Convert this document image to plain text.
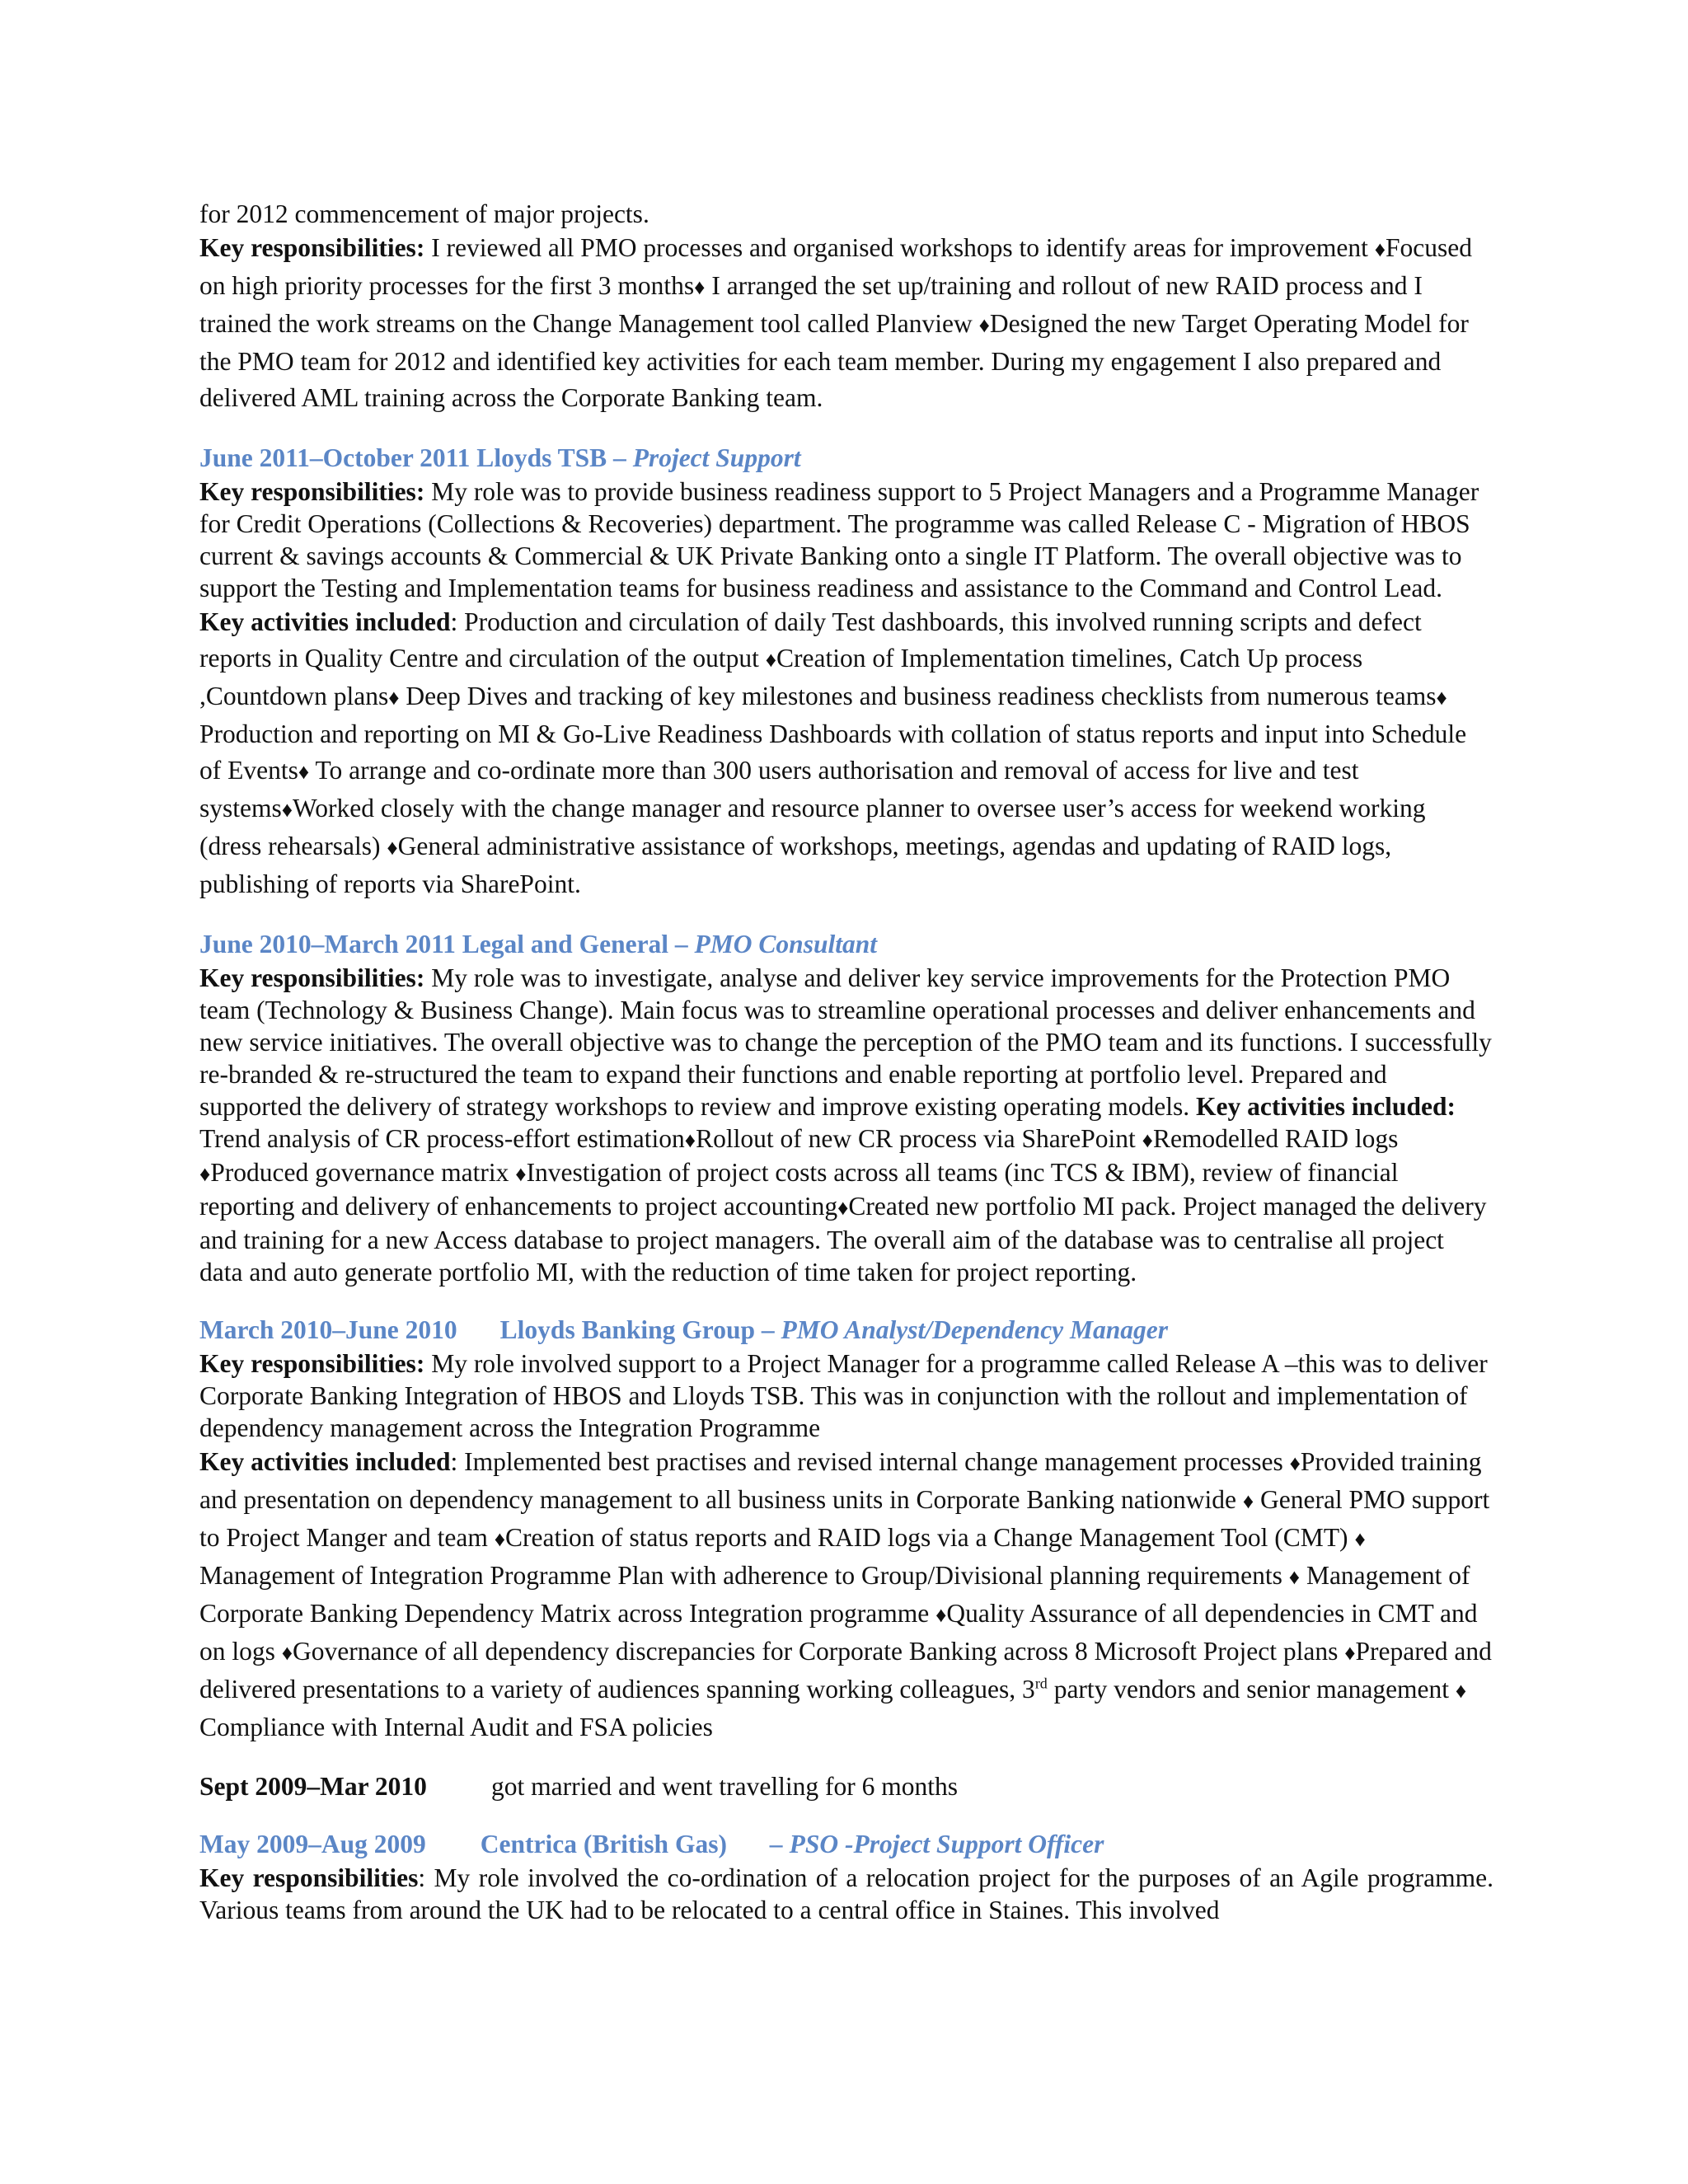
for 2012 commencement of major projects.

Key responsibilities: I reviewed all PMO processes and organised workshops to identify areas for improvement ♦Focused on high priority processes for the first 3 months♦ I arranged the set up/training and rollout of new RAID process and I trained the work streams on the Change Management tool called Planview ♦Designed the new Target Operating Model for the PMO team for 2012 and identified key activities for each team member. During my engagement I also prepared and delivered AML training across the Corporate Banking team.

June 2011–October 2011 Lloyds TSB – Project Support

Key responsibilities: My role was to provide business readiness support to 5 Project Managers and a Programme Manager for Credit Operations (Collections & Recoveries) department. The programme was called Release C - Migration of HBOS current & savings accounts & Commercial & UK Private Banking onto a single IT Platform. The overall objective was to support the Testing and Implementation teams for business readiness and assistance to the Command and Control Lead.

Key activities included: Production and circulation of daily Test dashboards, this involved running scripts and defect reports in Quality Centre and circulation of the output ♦Creation of Implementation timelines, Catch Up process ,Countdown plans♦ Deep Dives and tracking of key milestones and business readiness checklists from numerous teams♦ Production and reporting on MI & Go-Live Readiness Dashboards with collation of status reports and input into Schedule of Events♦ To arrange and co-ordinate more than 300 users authorisation and removal of access for live and test systems♦Worked closely with the change manager and resource planner to oversee user’s access for weekend working (dress rehearsals) ♦General administrative assistance of workshops, meetings, agendas and updating of RAID logs, publishing of reports via SharePoint.

June 2010–March 2011 Legal and General – PMO Consultant

Key responsibilities: My role was to investigate, analyse and deliver key service improvements for the Protection PMO team (Technology & Business Change). Main focus was to streamline operational processes and deliver enhancements and new service initiatives. The overall objective was to change the perception of the PMO team and its functions. I successfully re-branded & re-structured the team to expand their functions and enable reporting at portfolio level. Prepared and supported the delivery of strategy workshops to review and improve existing operating models. Key activities included: Trend analysis of CR process-effort estimation♦Rollout of new CR process via SharePoint ♦Remodelled RAID logs ♦Produced governance matrix ♦Investigation of project costs across all teams (inc TCS & IBM), review of financial reporting and delivery of enhancements to project accounting♦Created new portfolio MI pack. Project managed the delivery and training for a new Access database to project managers. The overall aim of the database was to centralise all project data and auto generate portfolio MI, with the reduction of time taken for project reporting.

March 2010–June 2010 Lloyds Banking Group – PMO Analyst/Dependency Manager

Key responsibilities: My role involved support to a Project Manager for a programme called Release A –this was to deliver Corporate Banking Integration of HBOS and Lloyds TSB. This was in conjunction with the rollout and implementation of dependency management across the Integration Programme

Key activities included: Implemented best practises and revised internal change management processes ♦Provided training and presentation on dependency management to all business units in Corporate Banking nationwide ♦ General PMO support to Project Manger and team ♦Creation of status reports and RAID logs via a Change Management Tool (CMT) ♦ Management of Integration Programme Plan with adherence to Group/Divisional planning requirements ♦ Management of Corporate Banking Dependency Matrix across Integration programme ♦Quality Assurance of all dependencies in CMT and on logs ♦Governance of all dependency discrepancies for Corporate Banking across 8 Microsoft Project plans ♦Prepared and delivered presentations to a variety of audiences spanning working colleagues, 3rd party vendors and senior management ♦ Compliance with Internal Audit and FSA policies

Sept 2009–Mar 2010 got married and went travelling for 6 months

May 2009–Aug 2009 Centrica (British Gas) – PSO -Project Support Officer

Key responsibilities: My role involved the co-ordination of a relocation project for the purposes of an Agile programme. Various teams from around the UK had to be relocated to a central office in Staines. This involved
